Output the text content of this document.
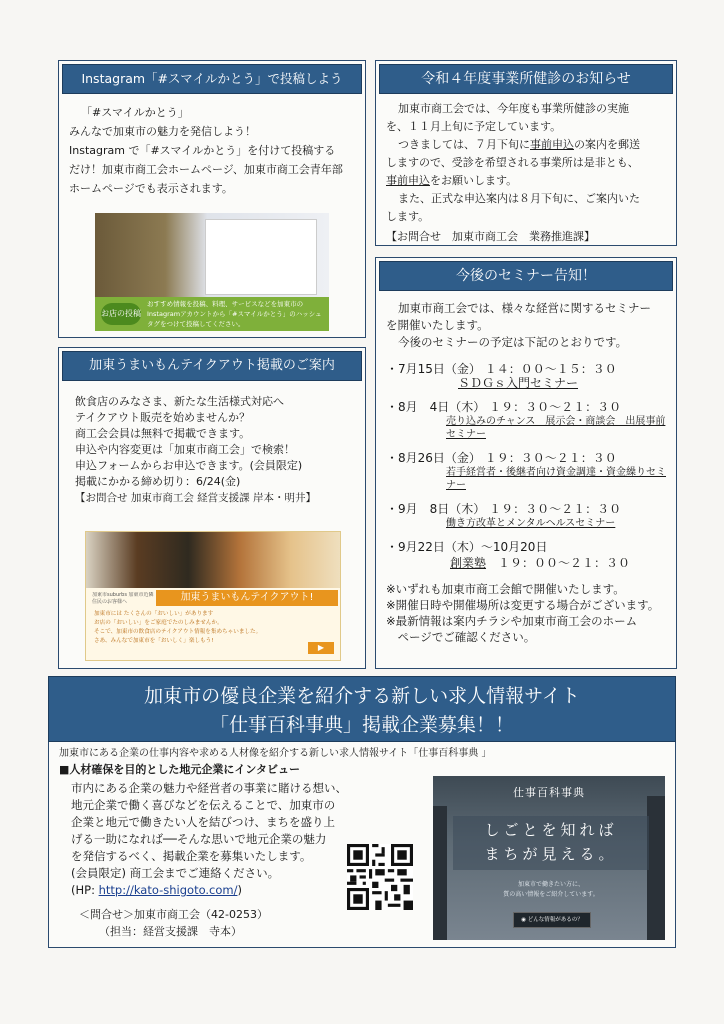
Instagram「#スマイルかとう」で投稿しよう

「#スマイルかとう」

みんなで加東市の魅力を発信しよう！

Instagram で「#スマイルかとう」を付けて投稿する

だけ！加東市商工会ホームページ、加東市商工会青年部

ホームページでも表示されます。

お店の投稿
おすすめ情報を投稿、料理、サービスなどを加東市のInstagramアカウントから「#スマイルかとう」のハッシュタグをつけて投稿してください。
令和４年度事業所健診のお知らせ

加東市商工会では、今年度も事業所健診の実施

を、１１月上旬に予定しています。

つきましては、７月下旬に事前申込の案内を郵送

しますので、受診を希望される事業所は是非とも、

事前申込をお願いします。

また、正式な申込案内は８月下旬に、ご案内いた

します。

【お問合せ　加東市商工会　業務推進課】

今後のセミナー告知！

加東市商工会では、様々な経営に関するセミナー

を開催いたします。

今後のセミナーの予定は下記のとおりです。

・7月15日（金） １４：００～１５：３０
ＳＤＧｓ入門セミナー
・8月　4日（木） １９：３０～２１：３０
売り込みのチャンス　展示会・商談会　出展事前セミナー
・8月26日（金） １９：３０～２１：３０
若手経営者・後継者向け資金調達・資金繰りセミナー
・9月　8日（木） １９：３０～２１：３０
働き方改革とメンタルヘルスセミナー
・9月22日（木）～10月20日
創業塾　 １９：００～２１：３０

※いずれも加東市商工会館で開催いたします。

※開催日時や開催場所は変更する場合がございます。

※最新情報は案内チラシや加東市商工会のホーム

　ページでご確認ください。

加東うまいもんテイクアウト掲載のご案内

飲食店のみなさま、新たな生活様式対応へ

テイクアウト販売を始めませんか？

商工会会員は無料で掲載できます。

申込や内容変更は「加東市商工会」で検索！

申込フォームからお申込できます。(会員限定)

掲載にかかる締め切り：6/24(金)

【お問合せ 加東市商工会 経営支援課 岸本・明井】

加東市suburbs 加東市近隣住民のお客様へ	加東うまいもんテイクアウト!
加東市には たくさんの「おいしい」があります
お店の「おいしい」をご家庭でたのしみませんか。
そこで、加東市の飲食店のテイクアウト情報を集めちゃいました。
さあ、みんなで加東市を「おいしく」楽しもう!
▶
加東市の優良企業を紹介する新しい求人情報サイト
「仕事百科事典」掲載企業募集！！
加東市にある企業の仕事内容や求める人材像を紹介する新しい求人情報サイト「仕事百科事典 」
■人材確保を目的とした地元企業にインタビュー
市内にある企業の魅力や経営者の事業に賭ける想い、
地元企業で働く喜びなどを伝えることで、加東市の
企業と地元で働きたい人を結びつけ、まちを盛り上
げる一助になれば──そんな思いで地元企業の魅力
を発信するべく、掲載企業を募集いたします。
(会員限定) 商工会までご連絡ください。
(HP: http://kato-shigoto.com/)
＜問合せ＞加東市商工会（42-0253）
（担当：経営支援課　寺本）
仕事百科事典
しごとを知れば
まちが見える。
加東市で働きたい方に、
質の高い情報をご紹介しています。
◉ どんな情報があるの？
